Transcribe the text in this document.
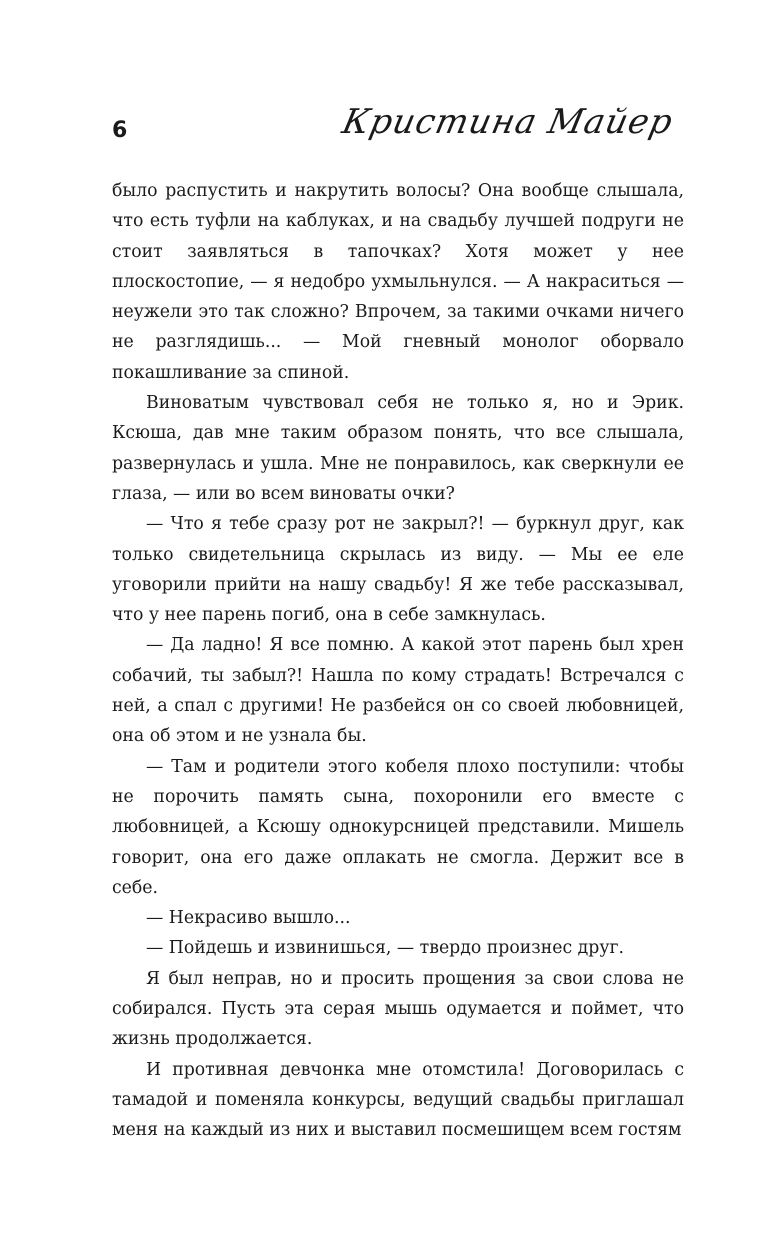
6	Кристина Майер

было распустить и накрутить волосы? Она вообще слышала, что есть туфли на каблуках, и на свадьбу лучшей подруги не стоит заявляться в тапочках? Хотя может у нее плоскостопие, — я недобро ухмыльнулся. — А накраситься — неужели это так сложно? Впрочем, за такими очками ничего не разглядишь... — Мой гневный монолог оборвало покашливание за спиной.

Виноватым чувствовал себя не только я, но и Эрик. Ксюша, дав мне таким образом понять, что все слышала, развернулась и ушла. Мне не понравилось, как сверкнули ее глаза, — или во всем виноваты очки?

— Что я тебе сразу рот не закрыл?! — буркнул друг, как только свидетельница скрылась из виду. — Мы ее еле уговорили прийти на нашу свадьбу! Я же тебе рассказывал, что у нее парень погиб, она в себе замкнулась.

— Да ладно! Я все помню. А какой этот парень был хрен собачий, ты забыл?! Нашла по кому страдать! Встречался с ней, а спал с другими! Не разбейся он со своей любовницей, она об этом и не узнала бы.

— Там и родители этого кобеля плохо поступили: чтобы не порочить память сына, похоронили его вместе с любовницей, а Ксюшу однокурсницей представили. Мишель говорит, она его даже оплакать не смогла. Держит все в себе.

— Некрасиво вышло...

— Пойдешь и извинишься, — твердо произнес друг.

Я был неправ, но и просить прощения за свои слова не собирался. Пусть эта серая мышь одумается и поймет, что жизнь продолжается.

И противная девчонка мне отомстила! Договорилась с тамадой и поменяла конкурсы, ведущий свадьбы приглашал меня на каждый из них и выставил посмешищем всем гостям
